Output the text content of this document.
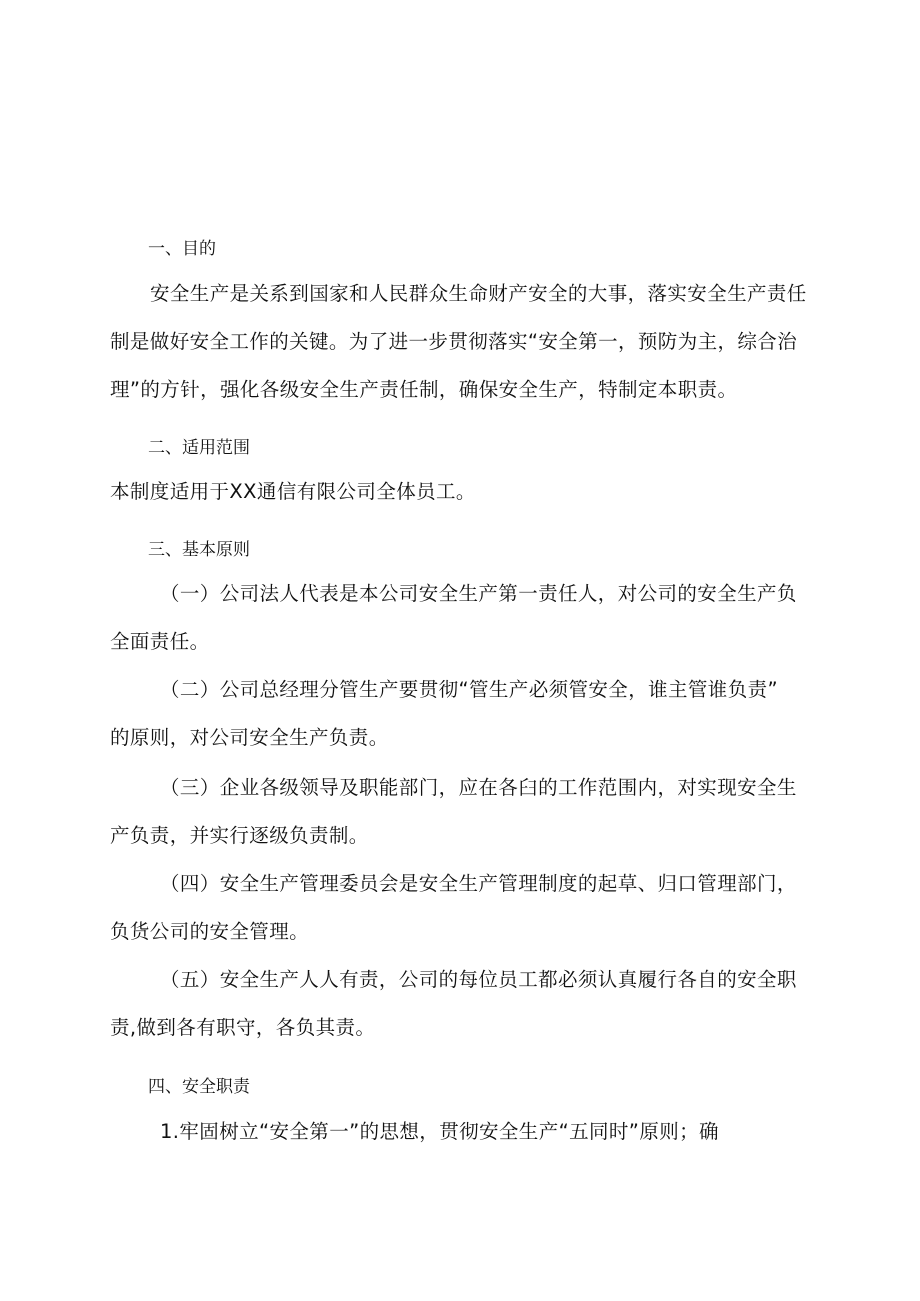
一、目的
安全生产是关系到国家和人民群众生命财产安全的大事，落实安全生产责任
制是做好安全工作的关键。为了进一步贯彻落实“安全第一，预防为主，综合治
理”的方针，强化各级安全生产责任制，确保安全生产，特制定本职责。
二、适用范围
本制度适用于XX通信有限公司全体员工。
三、基本原则
（一）公司法人代表是本公司安全生产第一责任人，对公司的安全生产负
全面责任。
（二）公司总经理分管生产要贯彻“管生产必须管安全，谁主管谁负责”
的原则，对公司安全生产负责。
（三）企业各级领导及职能部门，应在各臼的工作范围内，对实现安全生
产负责，并实行逐级负责制。
（四）安全生产管理委员会是安全生产管理制度的起草、归口管理部门，
负货公司的安全管理。
（五）安全生产人人有责，公司的每位员工都必须认真履行各自的安全职
责,做到各有职守，各负其责。
四、安全职责
1.牢固树立“安全第一”的思想，贯彻安全生产“五同时”原则；确
